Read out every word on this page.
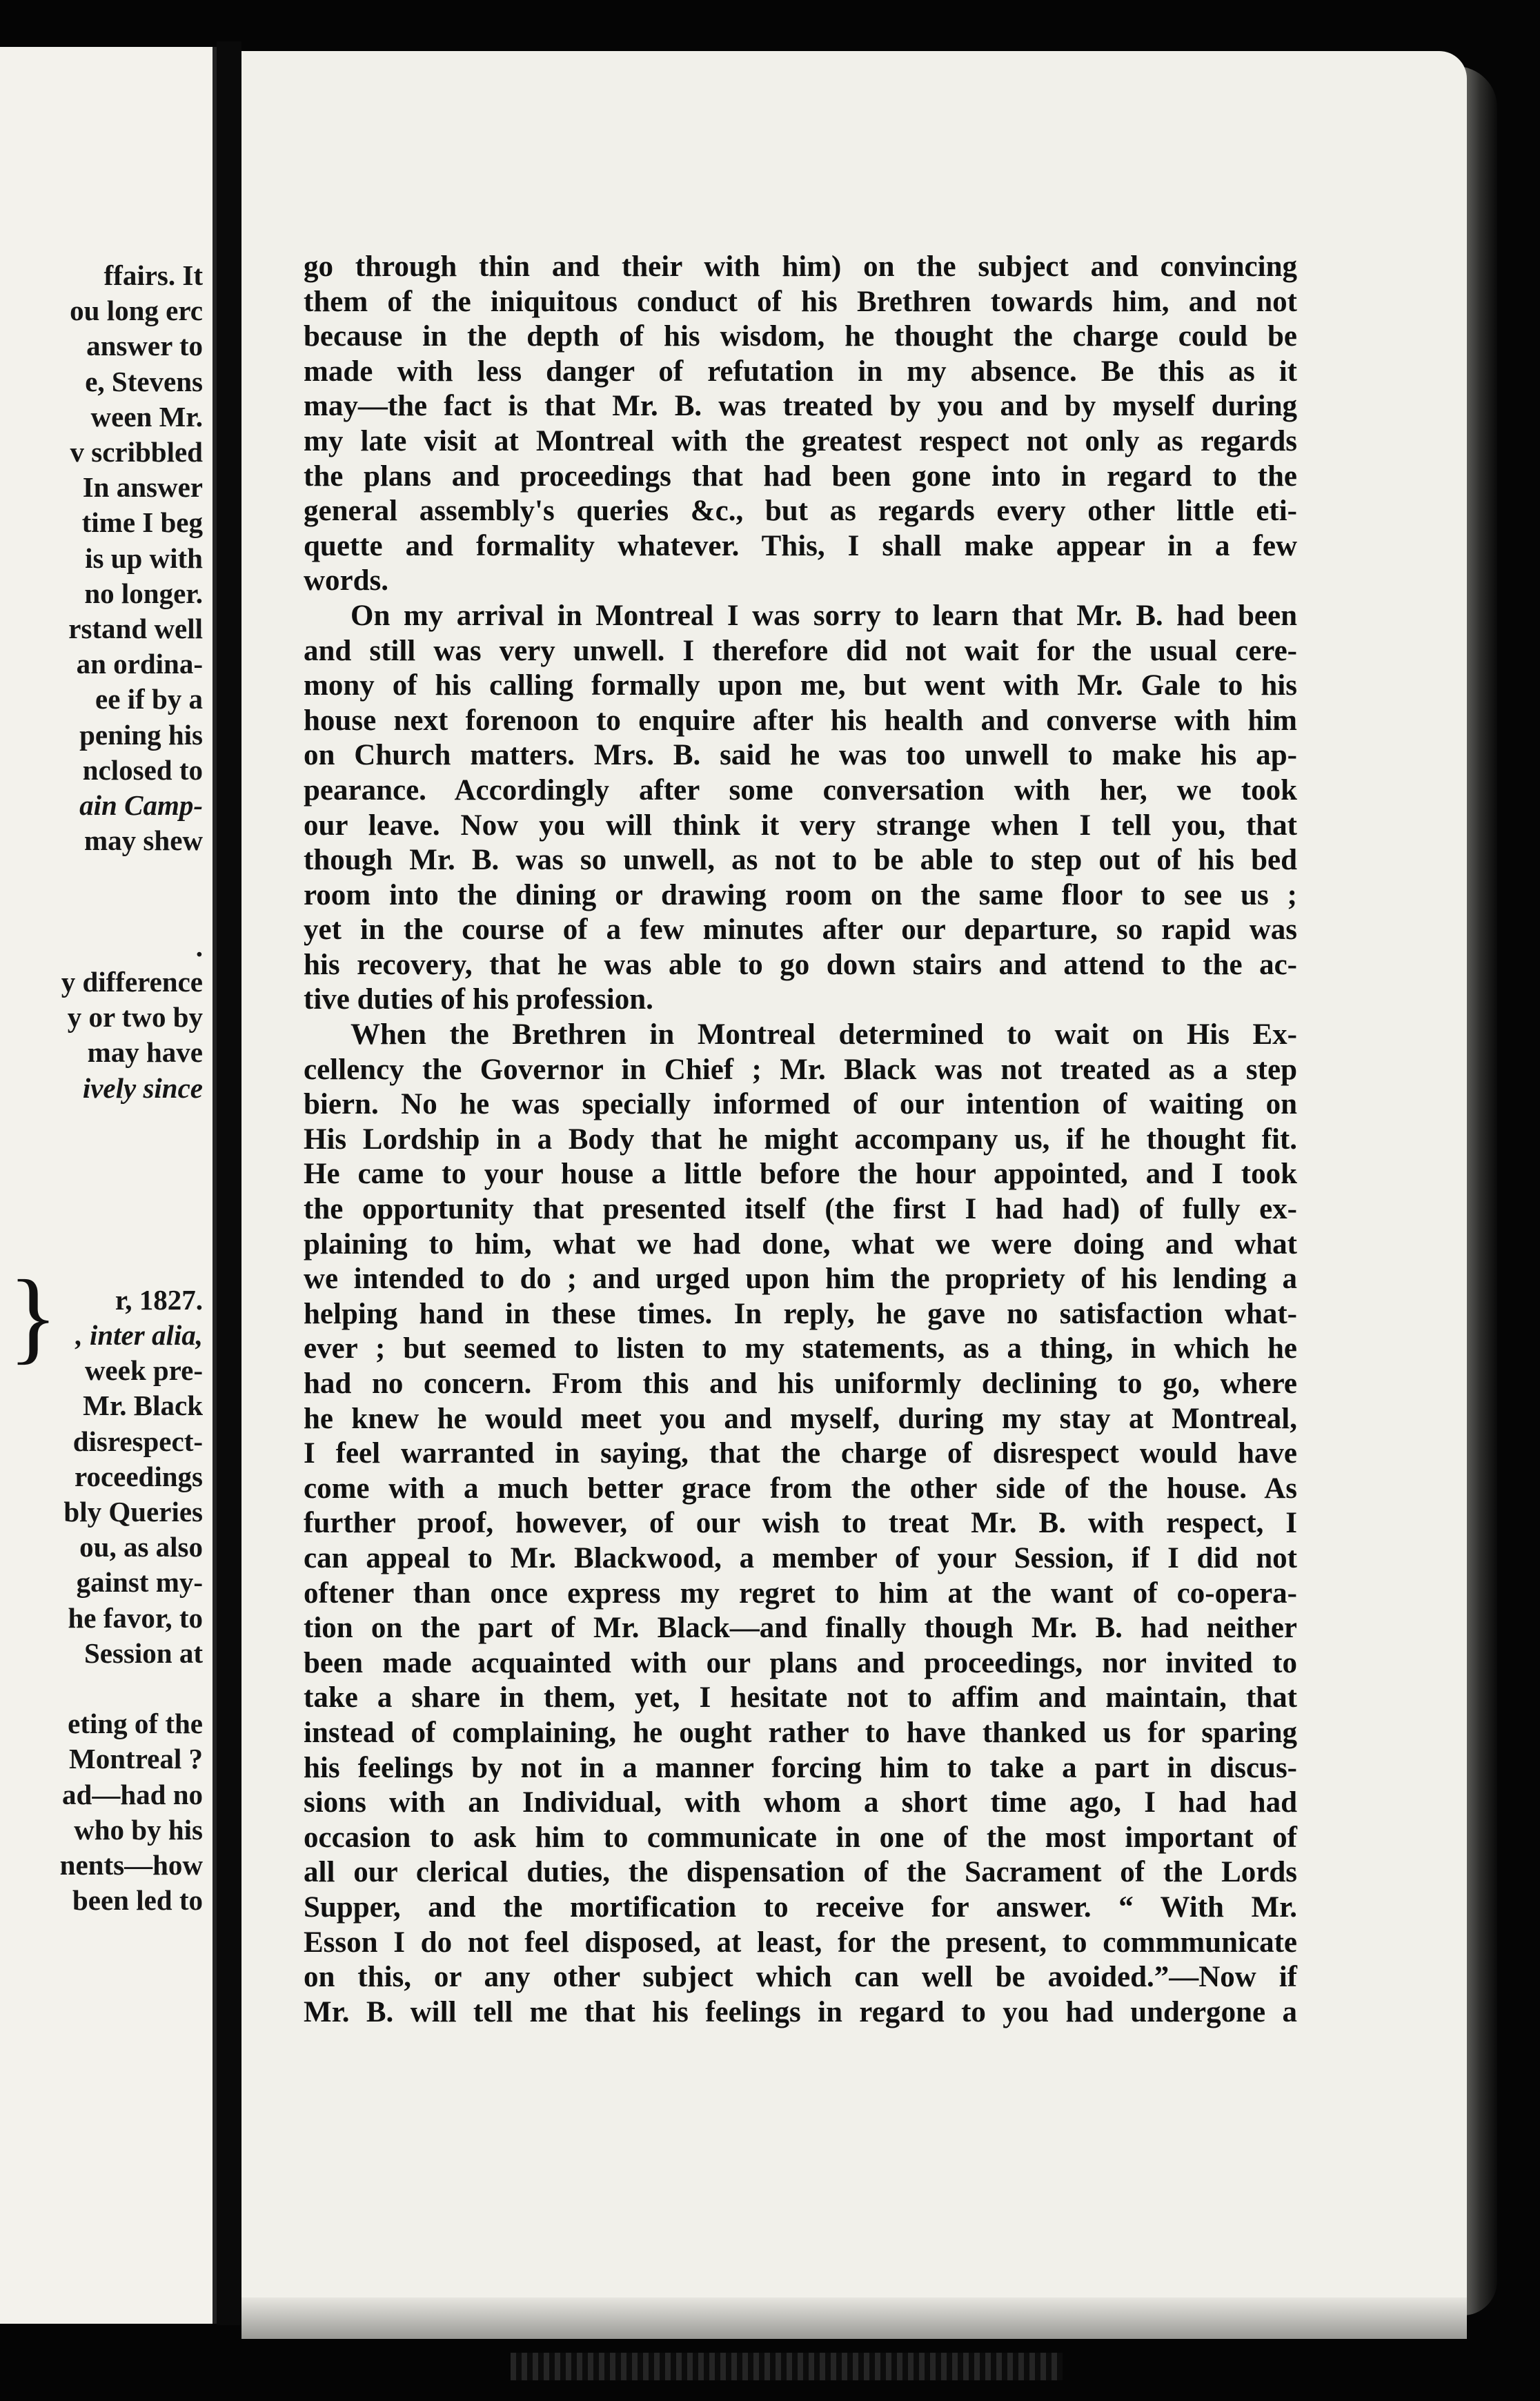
ffairs. It
ou long erc
answer to
e, Stevens
ween Mr.
v scribbled
In answer
time I beg
is up with
no longer.
rstand well
an ordina-
ee if by a
pening his
nclosed to
ain Camp-
may shew
.
y difference
y or two by
may have
ively since
r, 1827.
, inter alia,
week pre-
Mr. Black
disrespect-
roceedings
bly Queries
ou, as also
gainst my-
he favor, to
Session at
eting of the
Montreal ?
ad—had no
who by his
nents—how
been led to
}
go through thin and their with him) on the subject and convincing
them of the iniquitous conduct of his Brethren towards him, and not
because in the depth of his wisdom, he thought the charge could be
made with less danger of refutation in my absence. Be this as it
may—the fact is that Mr. B. was treated by you and by myself during
my late visit at Montreal with the greatest respect not only as regards
the plans and proceedings that had been gone into in regard to the
general assembly's queries &c., but as regards every other little eti-
quette and formality whatever. This, I shall make appear in a few
words.
On my arrival in Montreal I was sorry to learn that Mr. B. had been
and still was very unwell. I therefore did not wait for the usual cere-
mony of his calling formally upon me, but went with Mr. Gale to his
house next forenoon to enquire after his health and converse with him
on Church matters. Mrs. B. said he was too unwell to make his ap-
pearance. Accordingly after some conversation with her, we took
our leave. Now you will think it very strange when I tell you, that
though Mr. B. was so unwell, as not to be able to step out of his bed
room into the dining or drawing room on the same floor to see us ;
yet in the course of a few minutes after our departure, so rapid was
his recovery, that he was able to go down stairs and attend to the ac-
tive duties of his profession.
When the Brethren in Montreal determined to wait on His Ex-
cellency the Governor in Chief ; Mr. Black was not treated as a step
biern. No he was specially informed of our intention of waiting on
His Lordship in a Body that he might accompany us, if he thought fit.
He came to your house a little before the hour appointed, and I took
the opportunity that presented itself (the first I had had) of fully ex-
plaining to him, what we had done, what we were doing and what
we intended to do ; and urged upon him the propriety of his lending a
helping hand in these times. In reply, he gave no satisfaction what-
ever ; but seemed to listen to my statements, as a thing, in which he
had no concern. From this and his uniformly declining to go, where
he knew he would meet you and myself, during my stay at Montreal,
I feel warranted in saying, that the charge of disrespect would have
come with a much better grace from the other side of the house. As
further proof, however, of our wish to treat Mr. B. with respect, I
can appeal to Mr. Blackwood, a member of your Session, if I did not
oftener than once express my regret to him at the want of co-opera-
tion on the part of Mr. Black—and finally though Mr. B. had neither
been made acquainted with our plans and proceedings, nor invited to
take a share in them, yet, I hesitate not to affim and maintain, that
instead of complaining, he ought rather to have thanked us for sparing
his feelings by not in a manner forcing him to take a part in discus-
sions with an Individual, with whom a short time ago, I had had
occasion to ask him to communicate in one of the most important of
all our clerical duties, the dispensation of the Sacrament of the Lords
Supper, and the mortification to receive for answer. “ With Mr.
Esson I do not feel disposed, at least, for the present, to commmunicate
on this, or any other subject which can well be avoided.”—Now if
Mr. B. will tell me that his feelings in regard to you had undergone a
